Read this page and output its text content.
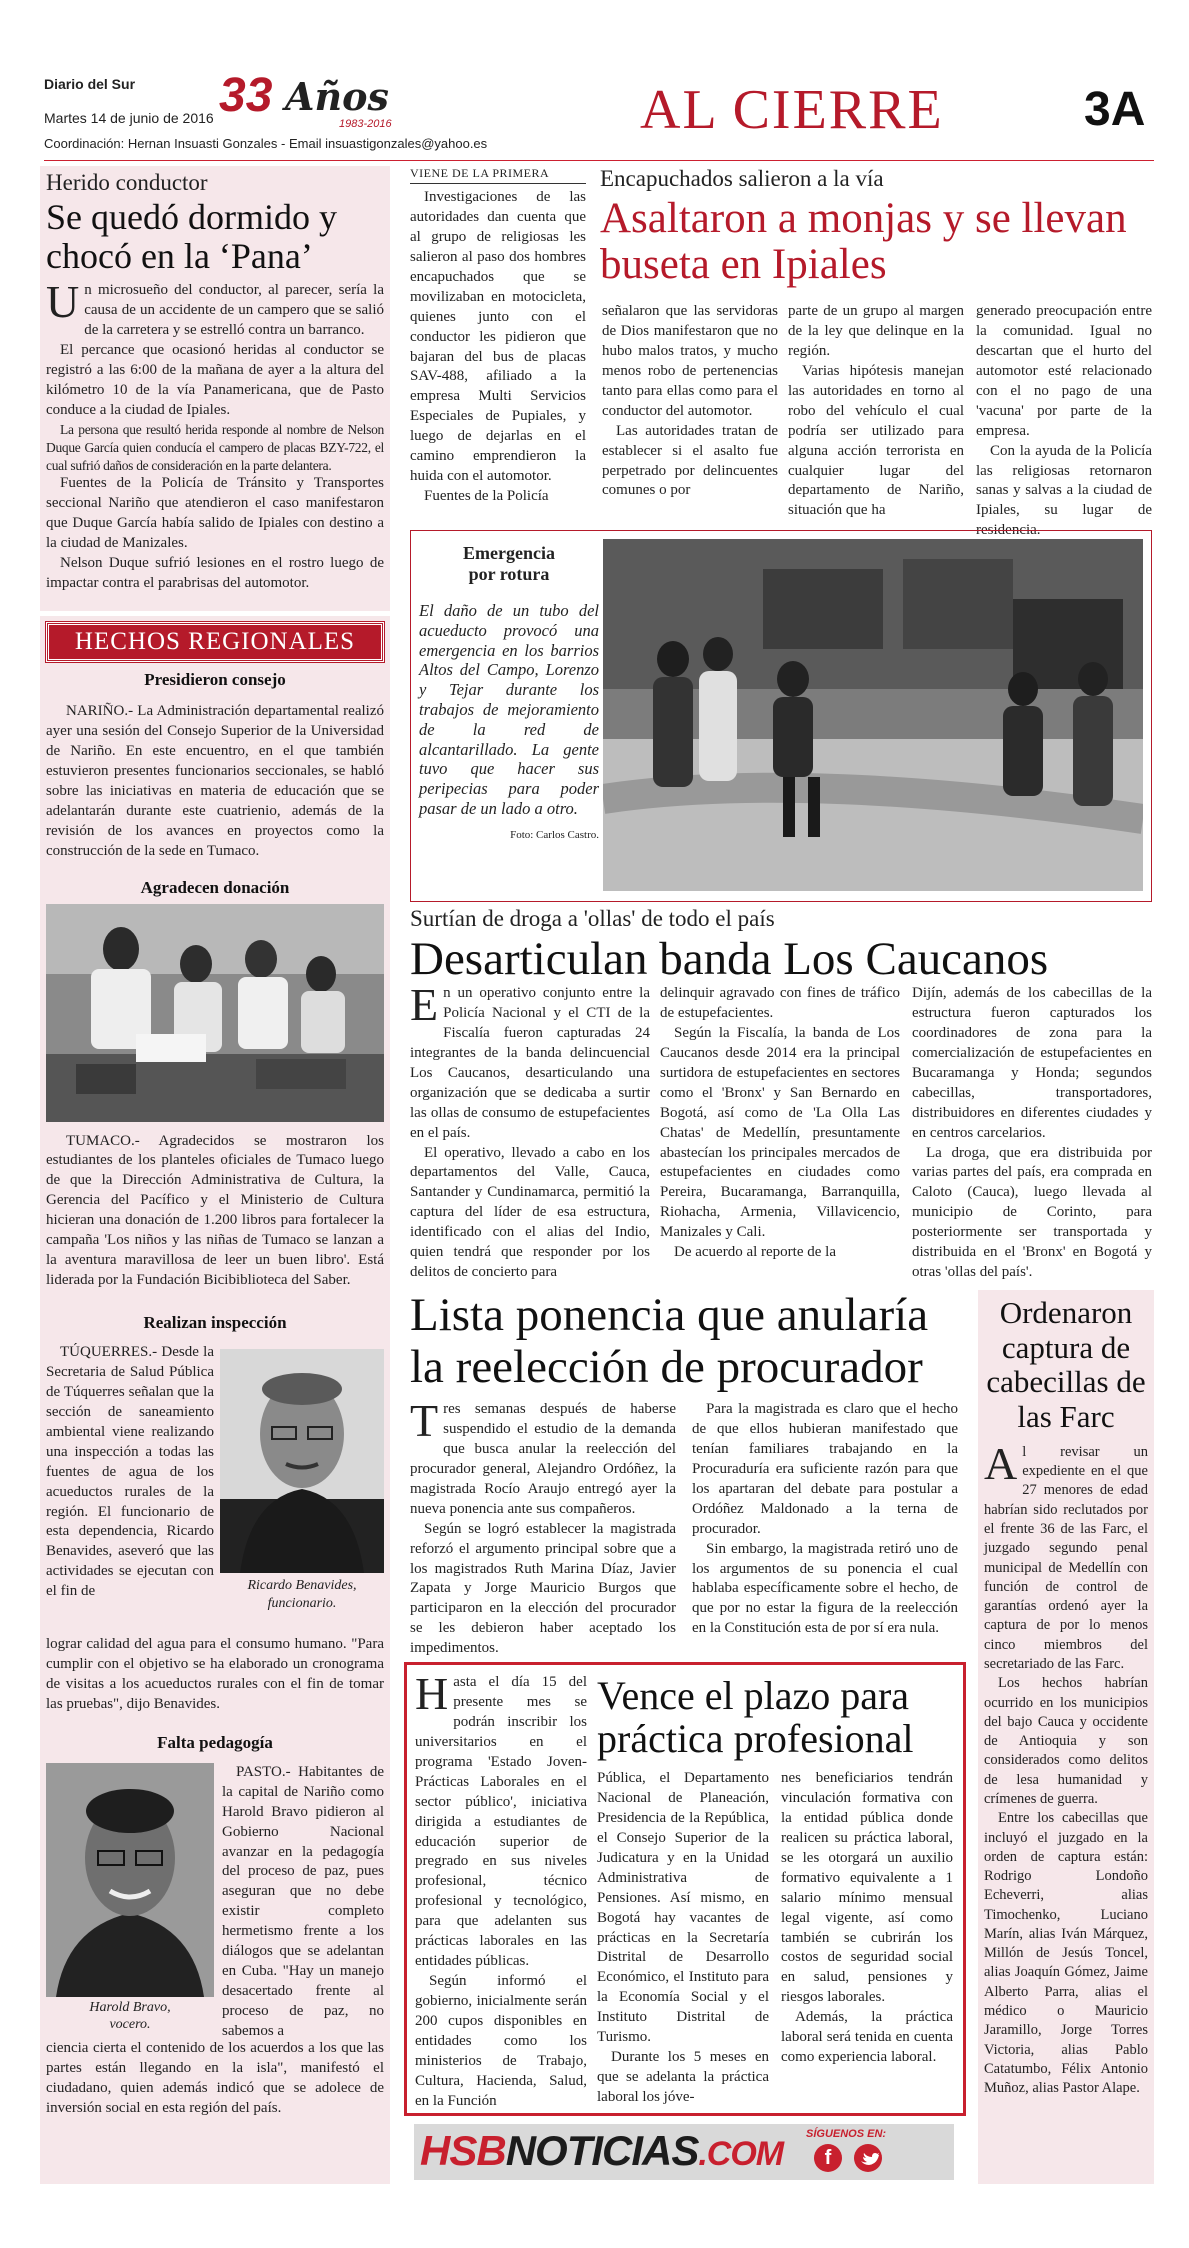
Diario del Sur
Martes 14 de junio de 2016 33 Años
1983-2016
Coordinación: Hernan Insuasti Gonzales - Email insuastigonzales@yahoo.es
AL CIERRE	3A
Herido conductor
Se quedó dormido y chocó en la ‘Pana’

Un microsueño del conductor, al parecer, sería la causa de un accidente de un campero que se salió de la carretera y se estrelló contra un barranco.

El percance que ocasionó heridas al conductor se registró a las 6:00 de la mañana de ayer a la altura del kilómetro 10 de la vía Panamericana, que de Pasto conduce a la ciudad de Ipiales.

La persona que resultó herida responde al nombre de Nelson Duque García quien conducía el campero de placas BZY-722, el cual sufrió daños de consideración en la parte delantera.

Fuentes de la Policía de Tránsito y Transportes seccional Nariño que atendieron el caso manifestaron que Duque García había salido de Ipiales con destino a la ciudad de Manizales.

Nelson Duque sufrió lesiones en el rostro luego de impactar contra el parabrisas del automotor.

HECHOS REGIONALES
Presidieron consejo

NARIÑO.- La Administración departamental realizó ayer una sesión del Consejo Superior de la Universidad de Nariño. En este encuentro, en el que también estuvieron presentes funcionarios seccionales, se habló sobre las iniciativas en materia de educación que se adelantarán durante este cuatrienio, además de la revisión de los avances en proyectos como la construcción de la sede en Tumaco.

Agradecen donación

TUMACO.- Agradecidos se mostraron los estudiantes de los planteles oficiales de Tumaco luego de que la Dirección Administrativa de Cultura, la Gerencia del Pacífico y el Ministerio de Cultura hicieran una donación de 1.200 libros para fortalecer la campaña 'Los niños y las niñas de Tumaco se lanzan a la aventura maravillosa de leer un buen libro'. Está liderada por la Fundación Bicibiblioteca del Saber.

Realizan inspección

TÚQUERRES.- Desde la Secretaria de Salud Pública de Túquerres señalan que la sección de saneamiento ambiental viene realizando una inspección a todas las fuentes de agua de los acueductos rurales de la región. El funcionario de esta dependencia, Ricardo Benavides, aseveró que las actividades se ejecutan con el fin de	Ricardo Benavides,
funcionario.

lograr calidad del agua para el consumo humano. "Para cumplir con el objetivo se ha elaborado un cronograma de visitas a los acueductos rurales con el fin de tomar las pruebas", dijo Benavides.

Falta pedagogía
Harold Bravo,
vocero.

PASTO.- Habitantes de la capital de Nariño como Harold Bravo pidieron al Gobierno Nacional avanzar en la pedagogía del proceso de paz, pues aseguran que no debe existir completo hermetismo frente a los diálogos que se adelantan en Cuba. "Hay un manejo desacertado frente al proceso de paz, no sabemos a

ciencia cierta el contenido de los acuerdos a los que las partes están llegando en la isla", manifestó el ciudadano, quien además indicó que se adolece de inversión social en esta región del país.

VIENE DE LA PRIMERA

Investigaciones de las autoridades dan cuenta que al grupo de religiosas les salieron al paso dos hombres encapuchados que se movilizaban en motocicleta, quienes junto con el conductor les pidieron que bajaran del bus de placas SAV-488, afiliado a la empresa Multi Servicios Especiales de Pupiales, y luego de dejarlas en el camino emprendieron la huida con el automotor.

Fuentes de la Policía

Encapuchados salieron a la vía
Asaltaron a monjas y se llevan buseta en Ipiales

señalaron que las servidoras de Dios manifestaron que no hubo malos tratos, y mucho menos robo de pertenencias tanto para ellas como para el conductor del automotor.

Las autoridades tratan de establecer si el asalto fue perpetrado por delincuentes comunes o por

parte de un grupo al margen de la ley que delinque en la región.

Varias hipótesis manejan las autoridades en torno al robo del vehículo el cual podría ser utilizado para alguna acción terrorista en cualquier lugar del departamento de Nariño, situación que ha

generado preocupación entre la comunidad. Igual no descartan que el hurto del automotor esté relacionado con el no pago de una 'vacuna' por parte de la empresa.

Con la ayuda de la Policía las religiosas retornaron sanas y salvas a la ciudad de Ipiales, su lugar de residencia.

Emergencia
por rotura

El daño de un tubo del acueducto provocó una emergencia en los barrios Altos del Campo, Lorenzo y Tejar durante los trabajos de mejoramiento de la red de alcantarillado. La gente tuvo que hacer sus peripecias para poder pasar de un lado a otro.

Foto: Carlos Castro.
Surtían de droga a 'ollas' de todo el país
Desarticulan banda Los Caucanos

En un operativo conjunto entre la Policía Nacional y el CTI de la Fiscalía fueron capturadas 24 integrantes de la banda delincuencial Los Caucanos, desarticulando una organización que se dedicaba a surtir las ollas de consumo de estupefacientes en el país.

El operativo, llevado a cabo en los departamentos del Valle, Cauca, Santander y Cundinamarca, permitió la captura del líder de esa estructura, identificado con el alias del Indio, quien tendrá que responder por los delitos de concierto para

delinquir agravado con fines de tráfico de estupefacientes.

Según la Fiscalía, la banda de Los Caucanos desde 2014 era la principal surtidora de estupefacientes en sectores como el 'Bronx' y San Bernardo en Bogotá, así como de 'La Olla Las Chatas' de Medellín, presuntamente abastecían los principales mercados de estupefacientes en ciudades como Pereira, Bucaramanga, Barranquilla, Riohacha, Armenia, Villavicencio, Manizales y Cali.

De acuerdo al reporte de la

Dijín, además de los cabecillas de la estructura fueron capturados los coordinadores de zona para la comercialización de estupefacientes en Bucaramanga y Honda; segundos cabecillas, transportadores, distribuidores en diferentes ciudades y en centros carcelarios.

La droga, que era distribuida por varias partes del país, era comprada en Caloto (Cauca), luego llevada al municipio de Corinto, para posteriormente ser transportada y distribuida en el 'Bronx' en Bogotá y otras 'ollas del país'.

Lista ponencia que anularía la reelección de procurador

Tres semanas después de haberse suspendido el estudio de la demanda que busca anular la reelección del procurador general, Alejandro Ordóñez, la magistrada Rocío Araujo entregó ayer la nueva ponencia ante sus compañeros.

Según se logró establecer la magistrada reforzó el argumento principal sobre que a los magistrados Ruth Marina Díaz, Javier Zapata y Jorge Mauricio Burgos que participaron en la elección del procurador se les debieron haber aceptado los impedimentos.

Para la magistrada es claro que el hecho de que ellos hubieran manifestado que tenían familiares trabajando en la Procuraduría era suficiente razón para que los apartaran del debate para postular a Ordóñez Maldonado a la terna de procurador.

Sin embargo, la magistrada retiró uno de los argumentos de su ponencia el cual hablaba específicamente sobre el hecho, de que por no estar la figura de la reelección en la Constitución esta de por sí era nula.

Ordenaron captura de cabecillas de las Farc

Al revisar un expediente en el que 27 menores de edad habrían sido reclutados por el frente 36 de las Farc, el juzgado segundo penal municipal de Medellín con función de control de garantías ordenó ayer la captura de por lo menos cinco miembros del secretariado de las Farc.

Los hechos habrían ocurrido en los municipios del bajo Cauca y occidente de Antioquia y son considerados como delitos de lesa humanidad y crímenes de guerra.

Entre los cabecillas que incluyó el juzgado en la orden de captura están: Rodrigo Londoño Echeverri, alias Timochenko, Luciano Marín, alias Iván Márquez, Millón de Jesús Toncel, alias Joaquín Gómez, Jaime Alberto Parra, alias el médico o Mauricio Jaramillo, Jorge Torres Victoria, alias Pablo Catatumbo, Félix Antonio Muñoz, alias Pastor Alape.

Vence el plazo para práctica profesional

Hasta el día 15 del presente mes se podrán inscribir los universitarios en el programa 'Estado Joven-Prácticas Laborales en el sector público', iniciativa dirigida a estudiantes de educación superior de pregrado en sus niveles profesional, técnico profesional y tecnológico, para que adelanten sus prácticas laborales en las entidades públicas.

Según informó el gobierno, inicialmente serán 200 cupos disponibles en entidades como los ministerios de Trabajo, Cultura, Hacienda, Salud, en la Función

Pública, el Departamento Nacional de Planeación, Presidencia de la República, el Consejo Superior de la Judicatura y en la Unidad Administrativa de Pensiones. Así mismo, en Bogotá hay vacantes de prácticas en la Secretaría Distrital de Desarrollo Económico, el Instituto para la Economía Social y el Instituto Distrital de Turismo.

Durante los 5 meses en que se adelanta la práctica laboral los jóve-

nes beneficiarios tendrán vinculación formativa con la entidad pública donde realicen su práctica laboral, se les otorgará un auxilio formativo equivalente a 1 salario mínimo mensual legal vigente, así como también se cubrirán los costos de seguridad social en salud, pensiones y riesgos laborales.

Además, la práctica laboral será tenida en cuenta como experiencia laboral.

HSBNOTICIAS.COM
SÍGUENOS EN:
f
